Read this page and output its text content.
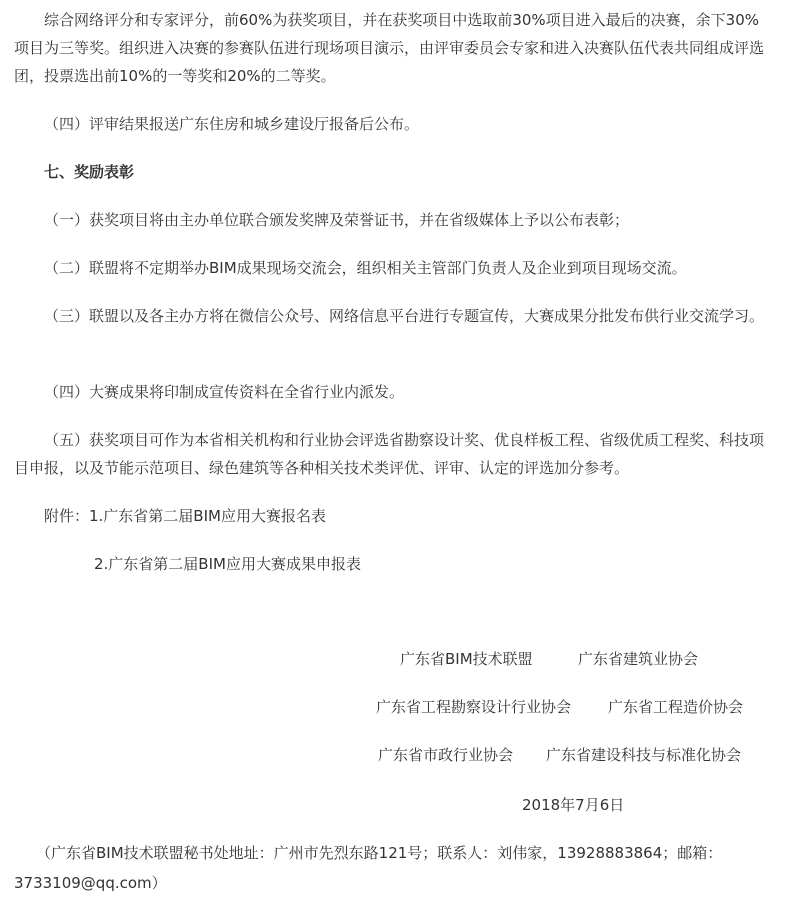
综合网络评分和专家评分，前60%为获奖项目，并在获奖项目中选取前30%项目进入最后的决赛，余下30%项目为三等奖。组织进入决赛的参赛队伍进行现场项目演示，由评审委员会专家和进入决赛队伍代表共同组成评选团，投票选出前10%的一等奖和20%的二等奖。

（四）评审结果报送广东住房和城乡建设厅报备后公布。

七、奖励表彰

（一）获奖项目将由主办单位联合颁发奖牌及荣誉证书，并在省级媒体上予以公布表彰；

（二）联盟将不定期举办BIM成果现场交流会，组织相关主管部门负责人及企业到项目现场交流。

（三）联盟以及各主办方将在微信公众号、网络信息平台进行专题宣传，大赛成果分批发布供行业交流学习。

（四）大赛成果将印制成宣传资料在全省行业内派发。

（五）获奖项目可作为本省相关机构和行业协会评选省勘察设计奖、优良样板工程、省级优质工程奖、科技项目申报，以及节能示范项目、绿色建筑等各种相关技术类评优、评审、认定的评选加分参考。

附件：1.广东省第二届BIM应用大赛报名表

2.广东省第二届BIM应用大赛成果申报表

广东省BIM技术联盟	广东省建筑业协会
广东省工程勘察设计行业协会 广东省工程造价协会
广东省市政行业协会 广东省建设科技与标准化协会
2018年7月6日
（广东省BIM技术联盟秘书处地址：广州市先烈东路121号；联系人：刘伟家，13928883864；邮箱：
3733109@qq.com）
